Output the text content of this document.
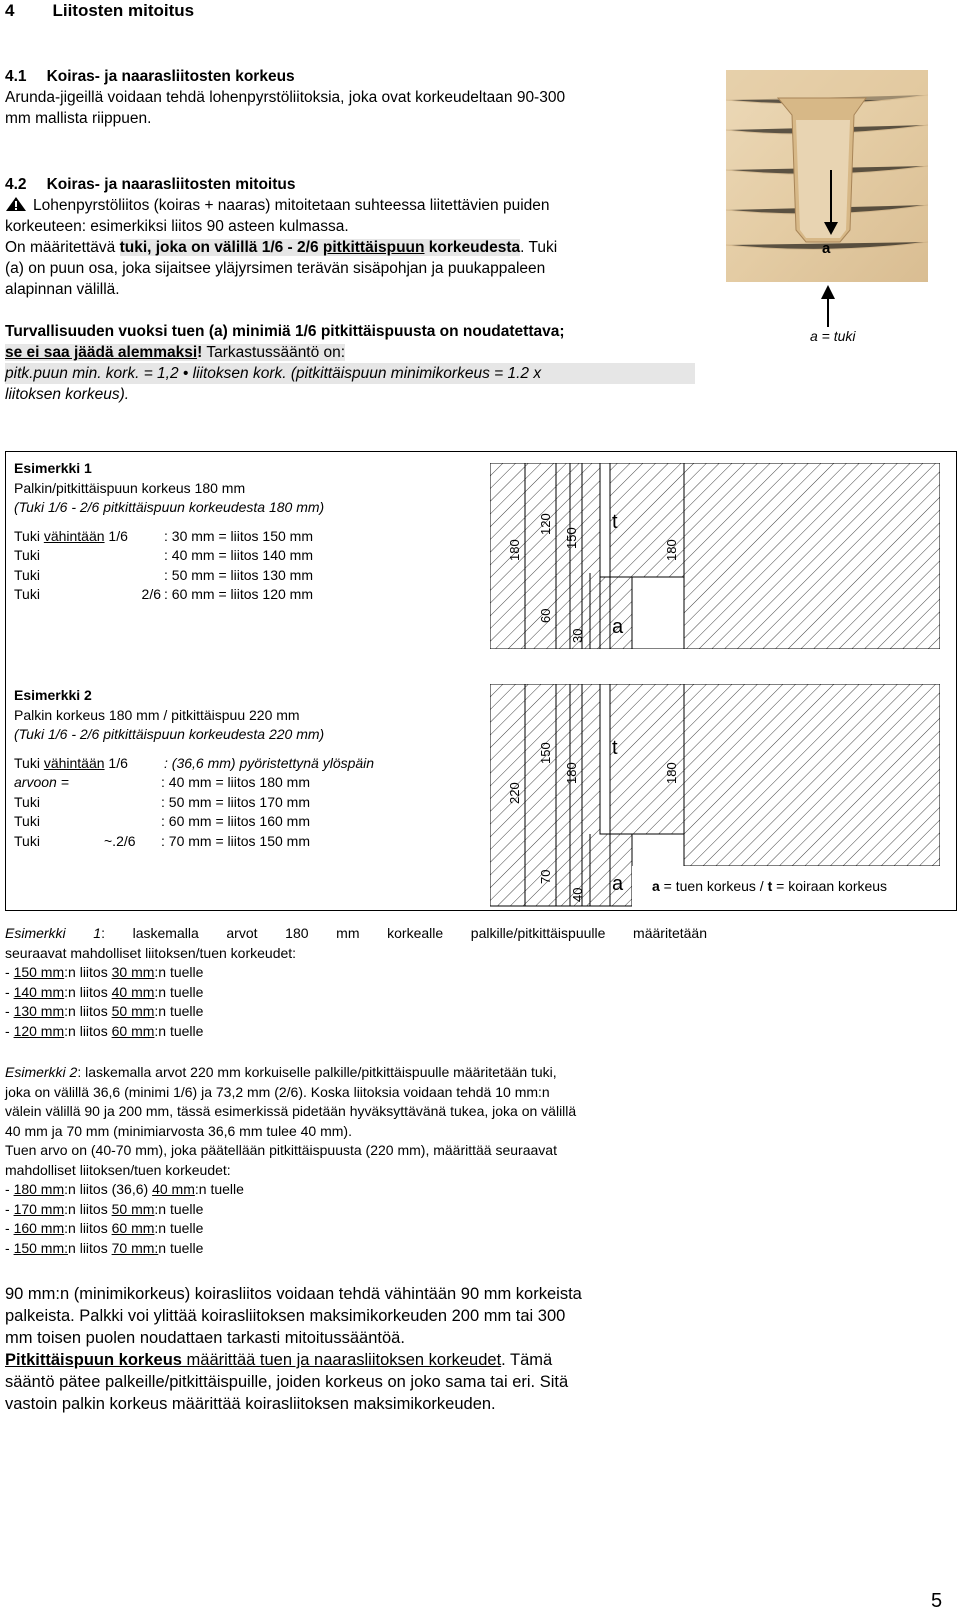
4 Liitosten mitoitus
4.1 Koiras- ja naarasliitosten korkeus
Arunda-jigeillä voidaan tehdä lohenpyrstöliitoksia, joka ovat korkeudeltaan 90-300
mm mallista riippuen.
4.2 Koiras- ja naarasliitosten mitoitus
Lohenpyrstöliitos (koiras + naaras) mitoitetaan suhteessa liitettävien puiden
korkeuteen: esimerkiksi liitos 90 asteen kulmassa.
On määritettävä tuki, joka on välillä 1/6 - 2/6 pitkittäispuun korkeudesta. Tuki
(a) on puun osa, joka sijaitsee yläjyrsimen terävän sisäpohjan ja puukappaleen
alapinnan välillä.
Turvallisuuden vuoksi tuen (a) minimiä 1/6 pitkittäispuusta on noudatettava;
se ei saa jäädä alemmaksi! Tarkastussääntö on:
pitk.puun min. kork. = 1,2 • liitoksen kork. (pitkittäispuun minimikorkeus = 1.2 x
liitoksen korkeus).
a
a = tuki
Esimerkki 1
Palkin/pitkittäispuun korkeus 180 mm
(Tuki 1/6 - 2/6 pitkittäispuun korkeudesta 180 mm)
Tuki vähintään 1/6	: 30 mm = liitos 150 mm
Tuki	: 40 mm = liitos 140 mm
Tuki	: 50 mm = liitos 130 mm
Tuki	2/6 : 60 mm = liitos 120 mm
180
120
150
180
60
30
t
a
Esimerkki 2
Palkin korkeus 180 mm / pitkittäispuu 220 mm
(Tuki 1/6 - 2/6 pitkittäispuun korkeudesta 220 mm)
Tuki vähintään 1/6	: (36,6 mm) pyöristettynä ylöspäin
arvoon =	: 40 mm = liitos 180 mm
Tuki	: 50 mm = liitos 170 mm
Tuki	: 60 mm = liitos 160 mm
Tuki	~.2/6 : 70 mm = liitos 150 mm
220
150
180	180
70
40
t
a a = tuen korkeus / t = koiraan korkeus
Esimerkki 1: laskemalla arvot 180 mm korkealle palkille/pitkittäispuulle määritetään
seuraavat mahdolliset liitoksen/tuen korkeudet:
- 150 mm:n liitos 30 mm:n tuelle
- 140 mm:n liitos 40 mm:n tuelle
- 130 mm:n liitos 50 mm:n tuelle
- 120 mm:n liitos 60 mm:n tuelle
Esimerkki 2: laskemalla arvot 220 mm korkuiselle palkille/pitkittäispuulle määritetään tuki,
joka on välillä 36,6 (minimi 1/6) ja 73,2 mm (2/6). Koska liitoksia voidaan tehdä 10 mm:n
välein välillä 90 ja 200 mm, tässä esimerkissä pidetään hyväksyttävänä tukea, joka on välillä
40 mm ja 70 mm (minimiarvosta 36,6 mm tulee 40 mm).
Tuen arvo on (40-70 mm), joka päätellään pitkittäispuusta (220 mm), määrittää seuraavat
mahdolliset liitoksen/tuen korkeudet:
- 180 mm:n liitos (36,6) 40 mm:n tuelle
- 170 mm:n liitos 50 mm:n tuelle
- 160 mm:n liitos 60 mm:n tuelle
- 150 mm:n liitos 70 mm:n tuelle
90 mm:n (minimikorkeus) koirasliitos voidaan tehdä vähintään 90 mm korkeista
palkeista. Palkki voi ylittää koirasliitoksen maksimikorkeuden 200 mm tai 300
mm toisen puolen noudattaen tarkasti mitoitussääntöä.
Pitkittäispuun korkeus määrittää tuen ja naarasliitoksen korkeudet. Tämä
sääntö pätee palkeille/pitkittäispuille, joiden korkeus on joko sama tai eri. Sitä
vastoin palkin korkeus määrittää koirasliitoksen maksimikorkeuden.
5
